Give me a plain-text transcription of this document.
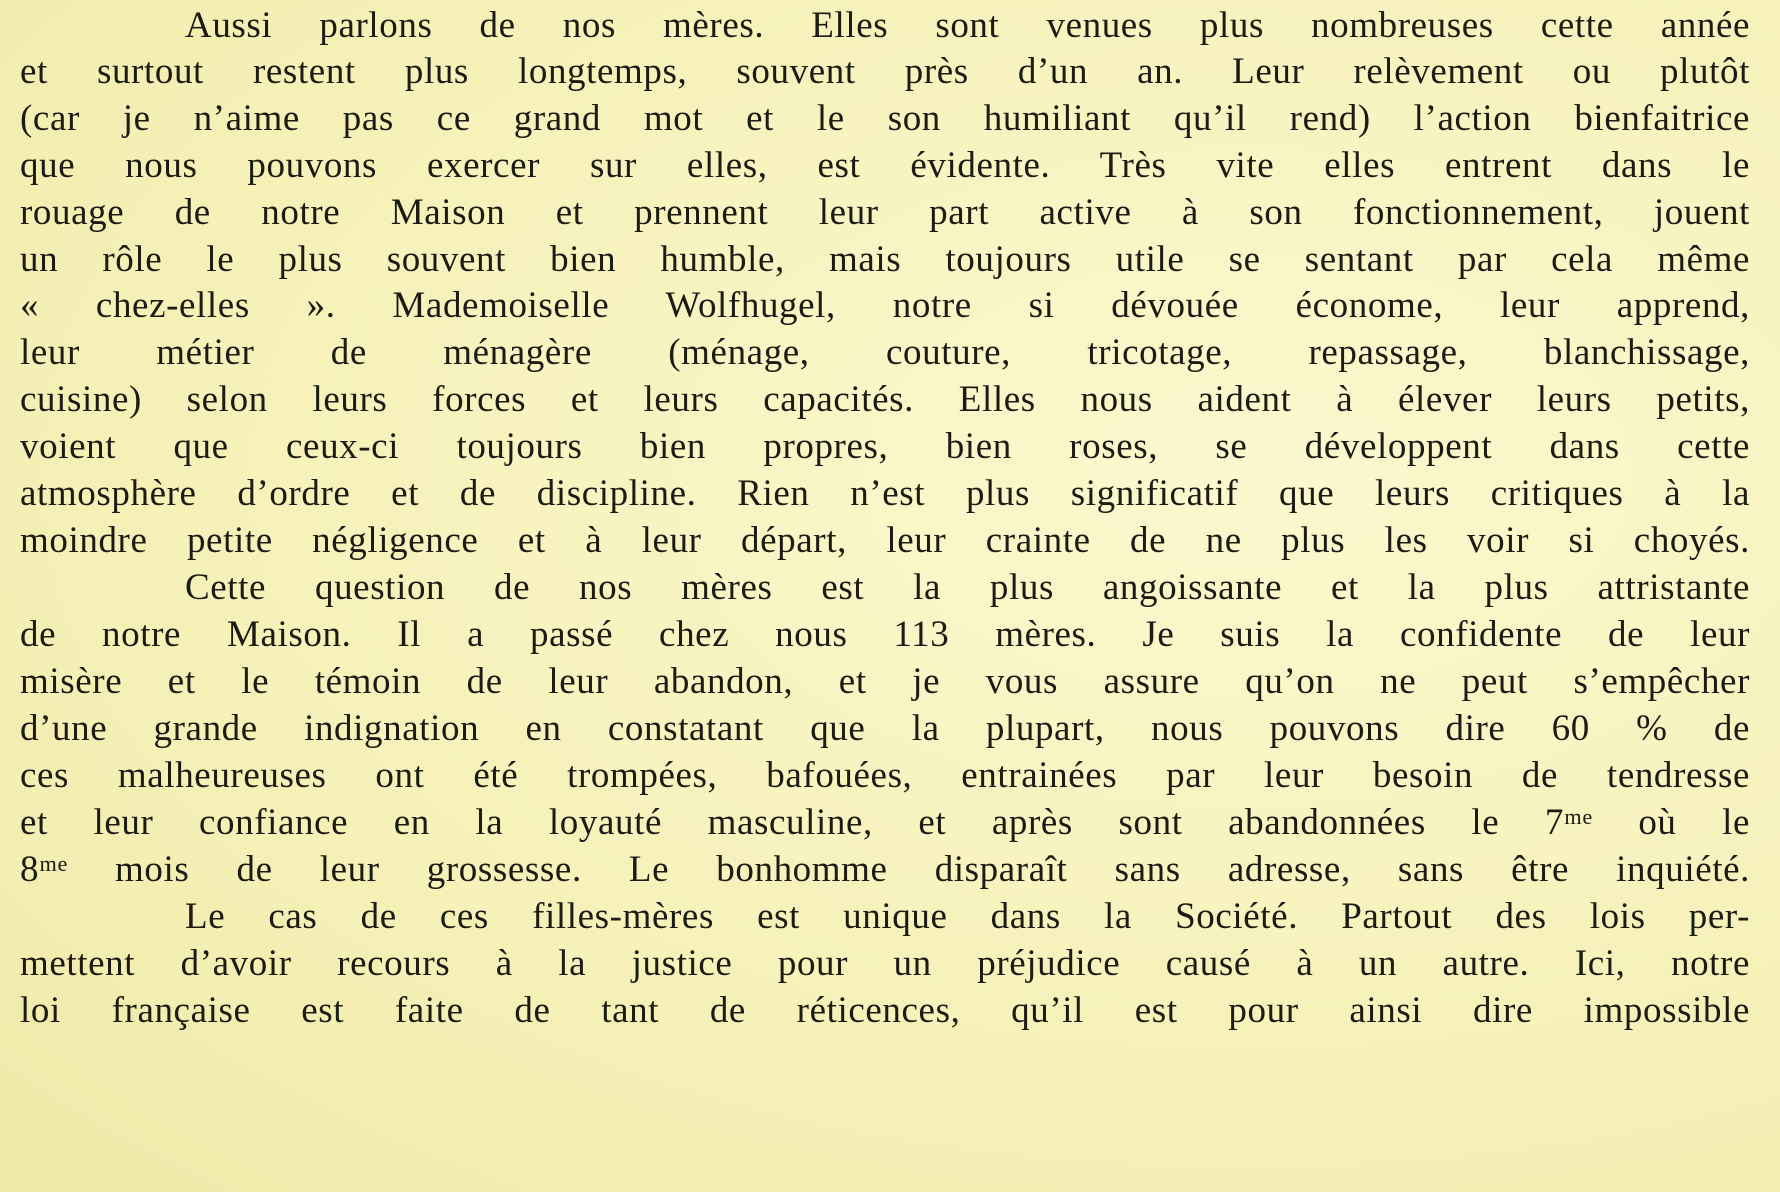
Aussi parlons de nos mères. Elles sont venues plus nombreuses cette année
et surtout restent plus longtemps, souvent près d’un an. Leur relèvement ou plutôt
(car je n’aime pas ce grand mot et le son humiliant qu’il rend) l’action bienfaitrice
que nous pouvons exercer sur elles, est évidente. Très vite elles entrent dans le
rouage de notre Maison et prennent leur part active à son fonctionnement, jouent
un rôle le plus souvent bien humble, mais toujours utile se sentant par cela même
« chez-elles ». Mademoiselle Wolfhugel, notre si dévouée économe, leur apprend,
leur métier de ménagère (ménage, couture, tricotage, repassage, blanchissage,
cuisine) selon leurs forces et leurs capacités. Elles nous aident à élever leurs petits,
voient que ceux-ci toujours bien propres, bien roses, se développent dans cette
atmosphère d’ordre et de discipline. Rien n’est plus significatif que leurs critiques à la
moindre petite négligence et à leur départ, leur crainte de ne plus les voir si choyés.
Cette question de nos mères est la plus angoissante et la plus attristante
de notre Maison. Il a passé chez nous 113 mères. Je suis la confidente de leur
misère et le témoin de leur abandon, et je vous assure qu’on ne peut s’empêcher
d’une grande indignation en constatant que la plupart, nous pouvons dire 60 % de
ces malheureuses ont été trompées, bafouées, entrainées par leur besoin de tendresse
et leur confiance en la loyauté masculine, et après sont abandonnées le 7ᵐᵉ où le
8ᵐᵉ mois de leur grossesse. Le bonhomme disparaît sans adresse, sans être inquiété.
Le cas de ces filles-mères est unique dans la Société. Partout des lois per-
mettent d’avoir recours à la justice pour un préjudice causé à un autre. Ici, notre
loi française est faite de tant de réticences, qu’il est pour ainsi dire impossible
